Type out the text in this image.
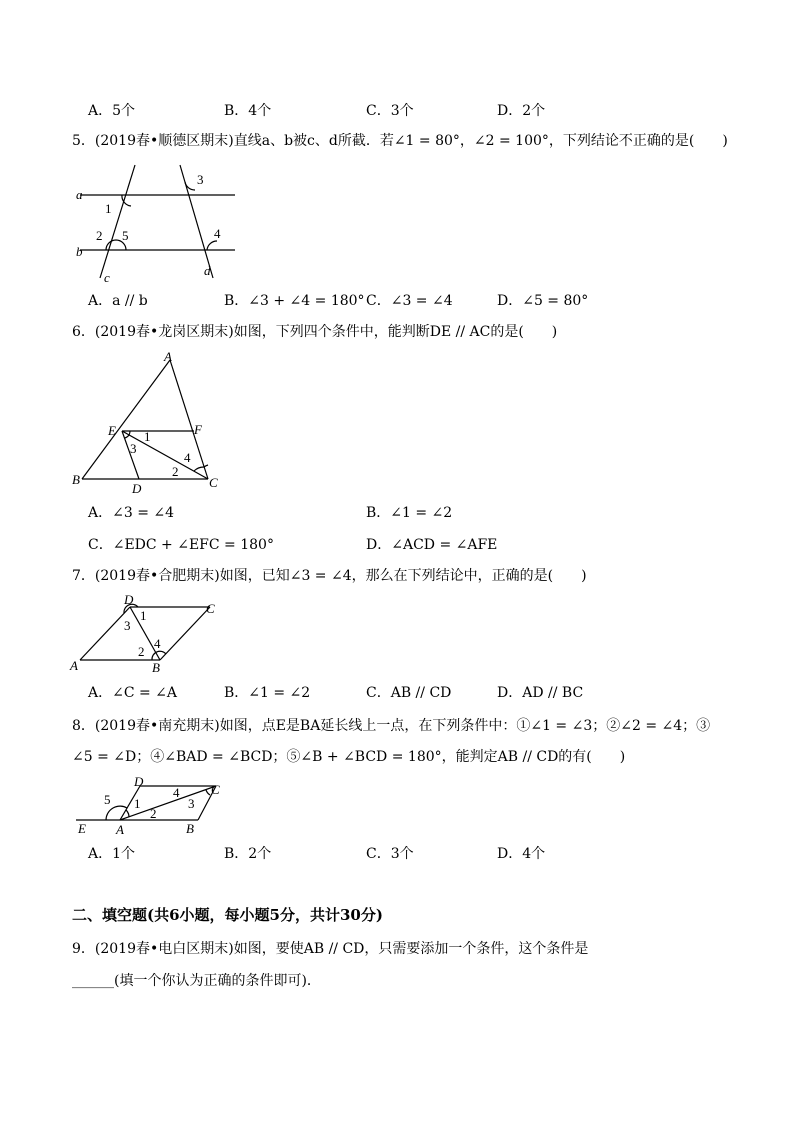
A．5个	B．4个	C．3个	D．2个
5．(2019春•顺德区期末)直线a、b被c、d所截．若∠1 = 80°，∠2 = 100°，下列结论不正确的是(　　)
a
b
c	d
1
2 5
3
4
A．a // b	B．∠3 + ∠4 = 180° C．∠3 = ∠4	D．∠5 = 80°
6．(2019春•龙岗区期末)如图，下列四个条件中，能判断DE // AC的是(　　)
A
B	C
D
E	F
1
3
2
4
A．∠3 = ∠4	B．∠1 = ∠2
C．∠EDC + ∠EFC = 180°	D．∠ACD = ∠AFE
7．(2019春•合肥期末)如图，已知∠3 = ∠4，那么在下列结论中，正确的是(　　)
D
C
A	B
1
3
2
4
A．∠C = ∠A	B．∠1 = ∠2	C．AB // CD	D．AD // BC
8．(2019春•南充期末)如图，点E是BA延长线上一点，在下列条件中：①∠1 = ∠3；②∠2 = ∠4；③
∠5 = ∠D；④∠BAD = ∠BCD；⑤∠B + ∠BCD = 180°，能判定AB // CD的有(　　)
D
C
E A	B
5 1
2
4
3
A．1个	B．2个	C．3个	D．4个
二、填空题(共6小题，每小题5分，共计30分)
9．(2019春•电白区期末)如图，要使AB // CD，只需要添加一个条件，这个条件是
______(填一个你认为正确的条件即可)．
